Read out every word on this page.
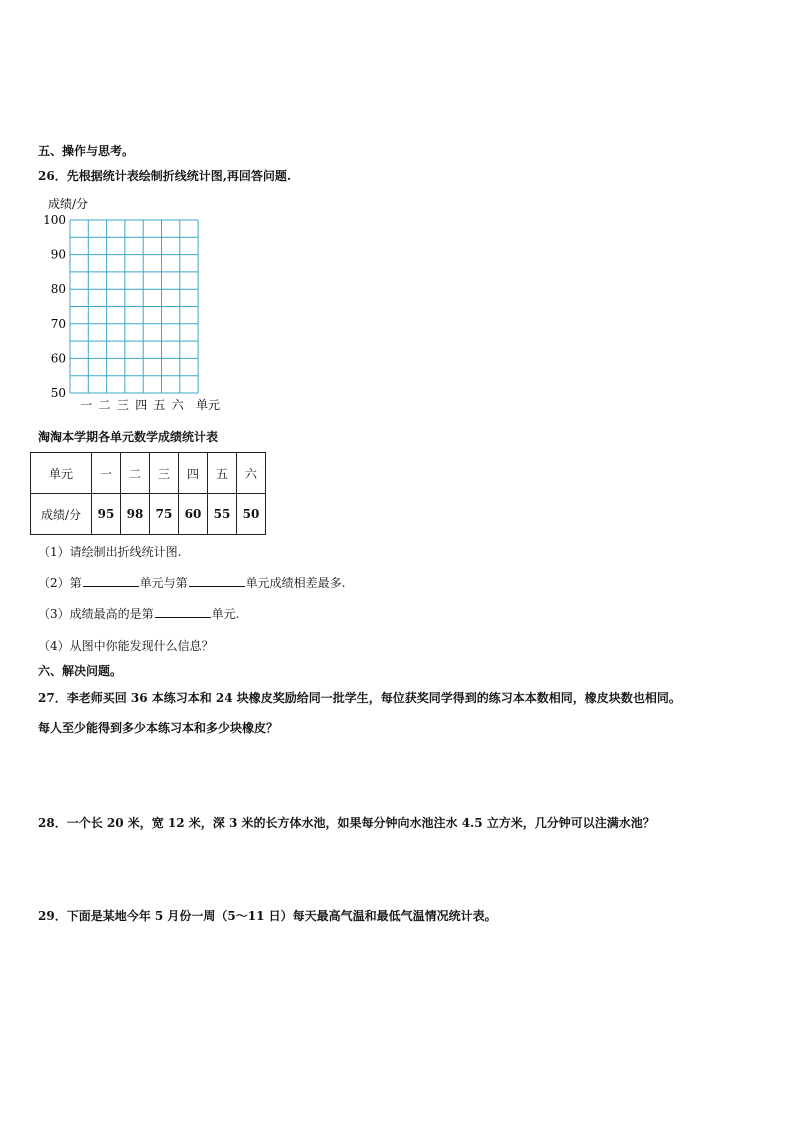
五、操作与思考。
26．先根据统计表绘制折线统计图,再回答问题.
成绩/分
100
90
80
70
60
50
一 二 三 四 五 六 单元
淘淘本学期各单元数学成绩统计表
单元	一	二	三	四	五	六
成绩/分	95	98	75	60	55	50
（1）请绘制出折线统计图.
（2）第	单元与第	单元成绩相差最多.
（3）成绩最高的是第	单元.
（4）从图中你能发现什么信息？
六、解决问题。
27．李老师买回 36 本练习本和 24 块橡皮奖励给同一批学生，每位获奖同学得到的练习本本数相同，橡皮块数也相同。
每人至少能得到多少本练习本和多少块橡皮？
28．一个长 20 米，宽 12 米，深 3 米的长方体水池，如果每分钟向水池注水 4.5 立方米，几分钟可以注满水池？
29．下面是某地今年 5 月份一周（5～11 日）每天最高气温和最低气温情况统计表。
